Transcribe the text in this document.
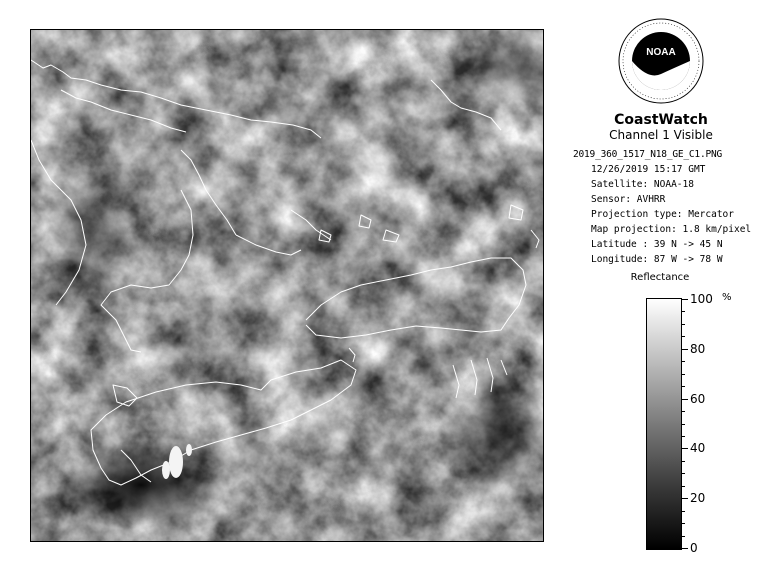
NOAA
CoastWatch
Channel 1 Visible
2019_360_1517_N18_GE_C1.PNG
12/26/2019 15:17 GMT
Satellite: NOAA-18
Sensor: AVHRR
Projection type: Mercator
Map projection: 1.8 km/pixel
Latitude : 39 N -> 45 N
Longitude: 87 W -> 78 W
Reflectance
%
100
80
60
40
20
0
